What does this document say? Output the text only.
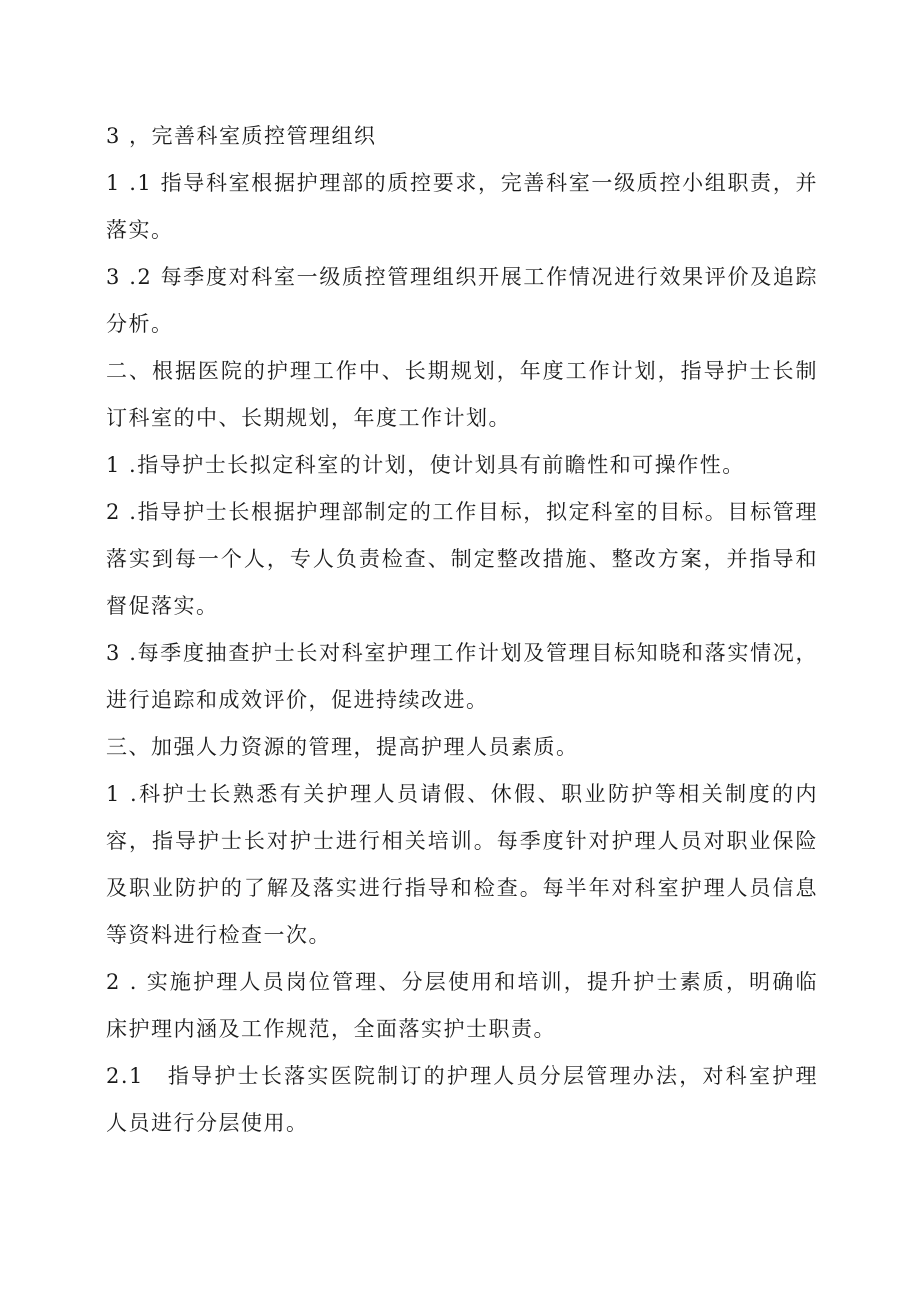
3 ，完善科室质控管理组织

1 .1 指导科室根据护理部的质控要求，完善科室一级质控小组职责，并落实。

3 .2 每季度对科室一级质控管理组织开展工作情况进行效果评价及追踪分析。

二、根据医院的护理工作中、长期规划，年度工作计划，指导护士长制订科室的中、长期规划，年度工作计划。

1 .指导护士长拟定科室的计划，使计划具有前瞻性和可操作性。

2 .指导护士长根据护理部制定的工作目标，拟定科室的目标。目标管理落实到每一个人，专人负责检查、制定整改措施、整改方案，并指导和督促落实。

3 .每季度抽查护士长对科室护理工作计划及管理目标知晓和落实情况，进行追踪和成效评价，促进持续改进。

三、加强人力资源的管理，提高护理人员素质。

1 .科护士长熟悉有关护理人员请假、休假、职业防护等相关制度的内容，指导护士长对护士进行相关培训。每季度针对护理人员对职业保险及职业防护的了解及落实进行指导和检查。每半年对科室护理人员信息等资料进行检查一次。

2 . 实施护理人员岗位管理、分层使用和培训，提升护士素质，明确临床护理内涵及工作规范，全面落实护士职责。

2.1　指导护士长落实医院制订的护理人员分层管理办法，对科室护理人员进行分层使用。
